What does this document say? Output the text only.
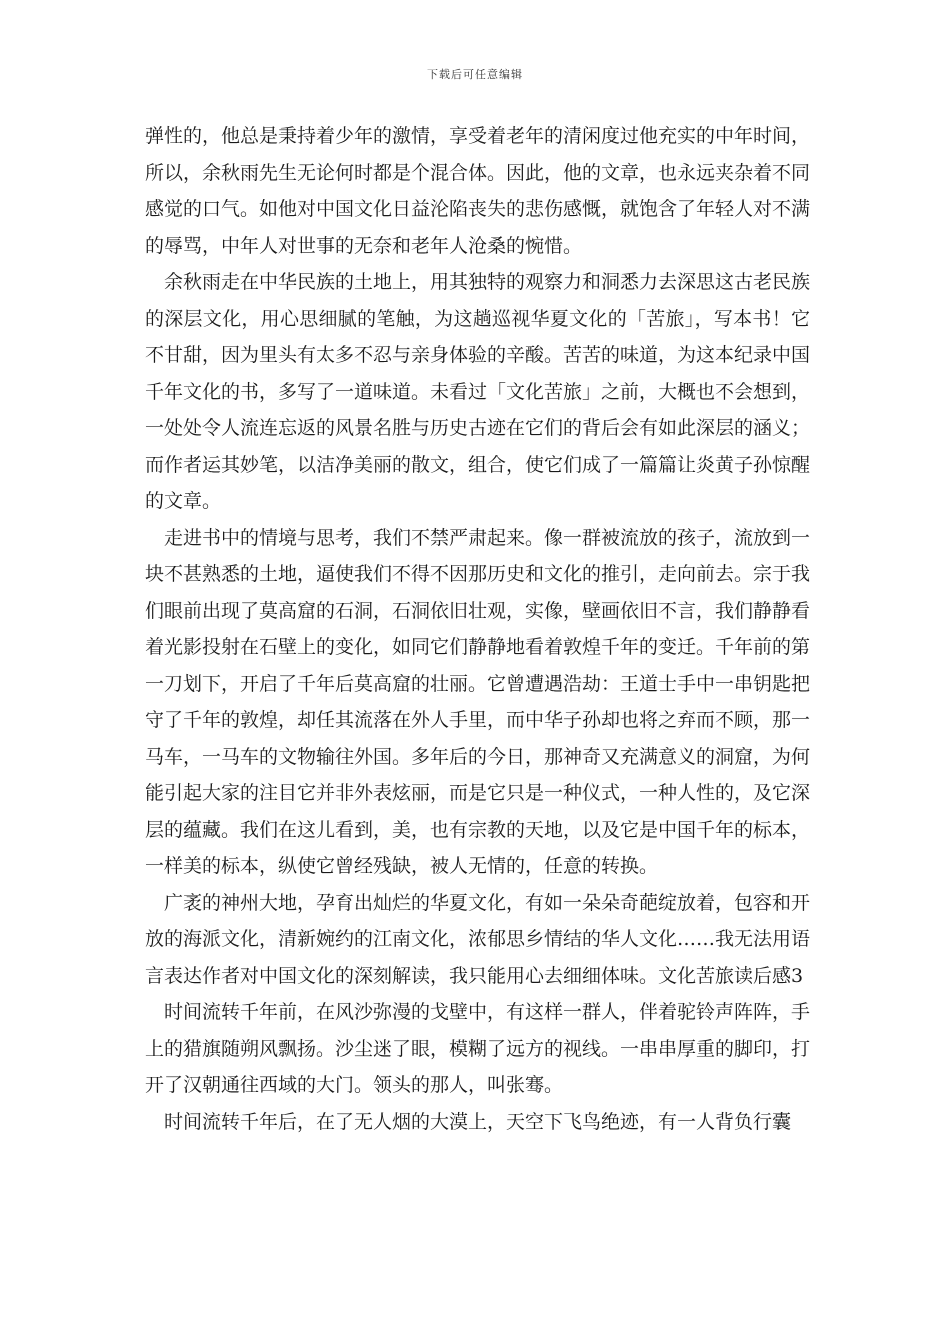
下载后可任意编辑

弹性的，他总是秉持着少年的激情，享受着老年的清闲度过他充实的中年时间，所以，余秋雨先生无论何时都是个混合体。因此，他的文章，也永远夹杂着不同感觉的口气。如他对中国文化日益沦陷丧失的悲伤感慨，就饱含了年轻人对不满的辱骂，中年人对世事的无奈和老年人沧桑的惋惜。

余秋雨走在中华民族的土地上，用其独特的观察力和洞悉力去深思这古老民族的深层文化，用心思细腻的笔触，为这趟巡视华夏文化的「苦旅」，写本书！它不甘甜，因为里头有太多不忍与亲身体验的辛酸。苦苦的味道，为这本纪录中国千年文化的书，多写了一道味道。未看过「文化苦旅」之前，大概也不会想到，一处处令人流连忘返的风景名胜与历史古迹在它们的背后会有如此深层的涵义；而作者运其妙笔，以洁净美丽的散文，组合，使它们成了一篇篇让炎黄子孙惊醒的文章。

走进书中的情境与思考，我们不禁严肃起来。像一群被流放的孩子，流放到一块不甚熟悉的土地，逼使我们不得不因那历史和文化的推引，走向前去。宗于我们眼前出现了莫高窟的石洞，石洞依旧壮观，实像，壁画依旧不言，我们静静看着光影投射在石壁上的变化，如同它们静静地看着敦煌千年的变迁。千年前的第一刀划下，开启了千年后莫高窟的壮丽。它曾遭遇浩劫：王道士手中一串钥匙把守了千年的敦煌，却任其流落在外人手里，而中华子孙却也将之弃而不顾，那一马车，一马车的文物输往外国。多年后的今日，那神奇又充满意义的洞窟，为何能引起大家的注目它并非外表炫丽，而是它只是一种仪式，一种人性的，及它深层的蕴藏。我们在这儿看到，美，也有宗教的天地，以及它是中国千年的标本，一样美的标本，纵使它曾经残缺，被人无情的，任意的转换。

广袤的神州大地，孕育出灿烂的华夏文化，有如一朵朵奇葩绽放着，包容和开放的海派文化，清新婉约的江南文化，浓郁思乡情结的华人文化……我无法用语言表达作者对中国文化的深刻解读，我只能用心去细细体味。文化苦旅读后感3

时间流转千年前，在风沙弥漫的戈壁中，有这样一群人，伴着驼铃声阵阵，手上的猎旗随朔风飘扬。沙尘迷了眼，模糊了远方的视线。一串串厚重的脚印，打开了汉朝通往西域的大门。领头的那人，叫张骞。

时间流转千年后，在了无人烟的大漠上，天空下飞鸟绝迹，有一人背负行囊
